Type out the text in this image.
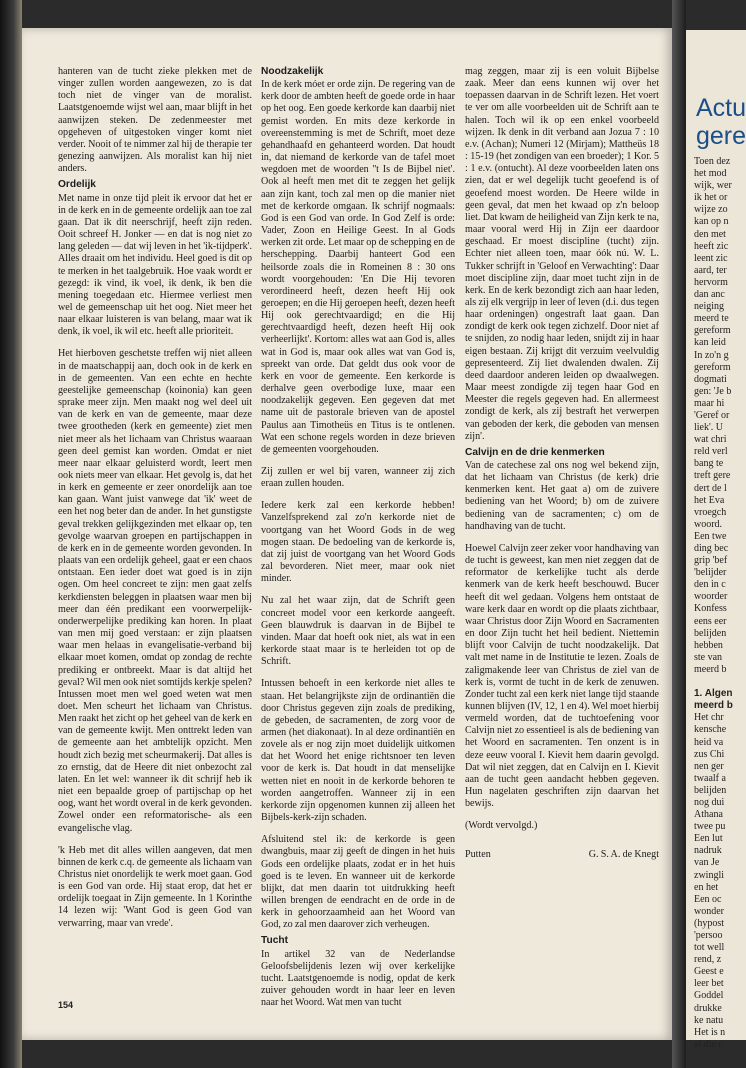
hanteren van de tucht zieke plekken met de vinger zullen worden aangewezen, zo is dat toch niet de vinger van de moralist. Laatstgenoemde wijst wel aan, maar blijft in het aanwijzen steken. De zedenmeester met opgeheven of uitgestoken vinger komt niet verder. Nooit of te nimmer zal hij de therapie ter genezing aanwijzen. Als moralist kan hij niet anders.

Ordelijk

Met name in onze tijd pleit ik ervoor dat het er in de kerk en in de gemeente ordelijk aan toe zal gaan. Dat ik dit neerschrijf, heeft zijn reden. Ooit schreef H. Jonker — en dat is nog niet zo lang geleden — dat wij leven in het 'ik-tijdperk'. Alles draait om het individu. Heel goed is dit op te merken in het taalgebruik. Hoe vaak wordt er gezegd: ik vind, ik voel, ik denk, ik ben die mening toegedaan etc. Hiermee verliest men wel de gemeenschap uit het oog. Niet meer het naar elkaar luisteren is van belang, maar wat ik denk, ik voel, ik wil etc. heeft alle prioriteit.

Het hierboven geschetste treffen wij niet alleen in de maatschappij aan, doch ook in de kerk en in de gemeenten. Van een echte en hechte geestelijke gemeenschap (koinonia) kan geen sprake meer zijn. Men maakt nog wel deel uit van de kerk en van de gemeente, maar deze twee grootheden (kerk en gemeente) ziet men niet meer als het lichaam van Christus waaraan geen deel gemist kan worden. Omdat er niet meer naar elkaar geluisterd wordt, leert men ook niets meer van elkaar. Het gevolg is, dat het in kerk en gemeente er zeer onordelijk aan toe kan gaan. Want juist vanwege dat 'ik' weet de een het nog beter dan de ander. In het gunstigste geval trekken gelijkgezinden met elkaar op, ten gevolge waarvan groepen en partijschappen in de kerk en in de gemeente worden gevonden. In plaats van een ordelijk geheel, gaat er een chaos ontstaan. Een ieder doet wat goed is in zijn ogen. Om heel concreet te zijn: men gaat zelfs kerkdiensten beleggen in plaatsen waar men bij meer dan één predikant een voorwerpelijk-onderwerpelijke prediking kan horen. In plaat van men mij goed verstaan: er zijn plaatsen waar men helaas in evangelisatie-verband bij elkaar moet komen, omdat op zondag de rechte prediking er ontbreekt. Maar is dat altijd het geval? Wil men ook niet somtijds kerkje spelen? Intussen moet men wel goed weten wat men doet. Men scheurt het lichaam van Christus. Men raakt het zicht op het geheel van de kerk en van de gemeente kwijt. Men onttrekt leden van de gemeente aan het ambtelijk opzicht. Men houdt zich bezig met scheurmakerij. Dat alles is zo ernstig, dat de Heere dit niet onbezocht zal laten. En let wel: wanneer ik dit schrijf heb ik niet een bepaalde groep of partijschap op het oog, want het wordt overal in de kerk gevonden. Zowel onder een reformatorische- als een evangelische vlag.

'k Heb met dit alles willen aangeven, dat men binnen de kerk c.q. de gemeente als lichaam van Christus niet onordelijk te werk moet gaan. God is een God van orde. Hij staat erop, dat het er ordelijk toegaat in Zijn gemeente. In 1 Korinthe 14 lezen wij: 'Want God is geen God van verwarring, maar van vrede'.

Noodzakelijk

In de kerk móet er orde zijn. De regering van de kerk door de ambten heeft de goede orde in haar op het oog. Een goede kerkorde kan daarbij niet gemist worden. En mits deze kerkorde in overeenstemming is met de Schrift, moet deze gehandhaafd en gehanteerd worden. Dat houdt in, dat niemand de kerkorde van de tafel moet wegdoen met de woorden ''t Is de Bijbel niet'. Ook al heeft men met dit te zeggen het gelijk aan zijn kant, toch zal men op die manier niet met de kerkorde omgaan. Ik schrijf nogmaals: God is een God van orde. In God Zelf is orde: Vader, Zoon en Heilige Geest. In al Gods werken zit orde. Let maar op de schepping en de herschepping. Daarbij hanteert God een heilsorde zoals die in Romeinen 8 : 30 ons wordt voorgehouden: 'En Die Hij tevoren verordineerd heeft, dezen heeft Hij ook geroepen; en die Hij geroepen heeft, dezen heeft Hij ook gerechtvaardigd; en die Hij gerechtvaardigd heeft, dezen heeft Hij ook verheerlijkt'. Kortom: alles wat aan God is, alles wat in God is, maar ook alles wat van God is, spreekt van orde. Dat geldt dus ook voor de kerk en voor de gemeente. Een kerkorde is derhalve geen overbodige luxe, maar een noodzakelijk gegeven. Een gegeven dat met name uit de pastorale brieven van de apostel Paulus aan Timotheüs en Titus is te ontlenen. Wat een schone regels worden in deze brieven de gemeenten voorgehouden.

Zij zullen er wel bij varen, wanneer zij zich eraan zullen houden.

Iedere kerk zal een kerkorde hebben! Vanzelfsprekend zal zo'n kerkorde niet de voortgang van het Woord Gods in de weg mogen staan. De bedoeling van de kerkorde is, dat zij juist de voortgang van het Woord Gods zal bevorderen. Niet meer, maar ook niet minder.

Nu zal het waar zijn, dat de Schrift geen concreet model voor een kerkorde aangeeft. Geen blauwdruk is daarvan in de Bijbel te vinden. Maar dat hoeft ook niet, als wat in een kerkorde staat maar is te herleiden tot op de Schrift.

Intussen behoeft in een kerkorde niet alles te staan. Het belangrijkste zijn de ordinantiën die door Christus gegeven zijn zoals de prediking, de gebeden, de sacramenten, de zorg voor de armen (het diakonaat). In al deze ordinantiën en zovele als er nog zijn moet duidelijk uitkomen dat het Woord het enige richtsnoer ten leven voor de kerk is. Dat houdt in dat menselijke wetten niet en nooit in de kerkorde behoren te worden aangetroffen. Wanneer zij in een kerkorde zijn opgenomen kunnen zij alleen het Bijbels-kerk-zijn schaden.

Afsluitend stel ik: de kerkorde is geen dwangbuis, maar zij geeft de dingen in het huis Gods een ordelijke plaats, zodat er in het huis goed is te leven. En wanneer uit de kerkorde blijkt, dat men daarin tot uitdrukking heeft willen brengen de eendracht en de orde in de kerk in gehoorzaamheid aan het Woord van God, zo zal men daarover zich verheugen.

Tucht

In artikel 32 van de Nederlandse Geloofsbelijdenis lezen wij over kerkelijke tucht. Laatstgenoemde is nodig, opdat de kerk zuiver gehouden wordt in haar leer en leven naar het Woord. Wat men van tucht

mag zeggen, maar zij is een voluit Bijbelse zaak. Meer dan eens kunnen wij over het toepassen daarvan in de Schrift lezen. Het voert te ver om alle voorbeelden uit de Schrift aan te halen. Toch wil ik op een enkel voorbeeld wijzen. Ik denk in dit verband aan Jozua 7 : 10 e.v. (Achan); Numeri 12 (Mirjam); Mattheüs 18 : 15-19 (het zondigen van een broeder); 1 Kor. 5 : 1 e.v. (ontucht). Al deze voorbeelden laten ons zien, dat er wel degelijk tucht geoefend is of geoefend moest worden. De Heere wilde in geen geval, dat men het kwaad op z'n beloop liet. Dat kwam de heiligheid van Zijn kerk te na, maar vooral werd Hij in Zijn eer daardoor geschaad. Er moest discipline (tucht) zijn. Echter niet alleen toen, maar óók nú. W. L. Tukker schrijft in 'Geloof en Verwachting': Daar moet discipline zijn, daar moet tucht zijn in de kerk. En de kerk bezondigt zich aan haar leden, als zij elk vergrijp in leer of leven (d.i. dus tegen haar ordeningen) ongestraft laat gaan. Dan zondigt de kerk ook tegen zichzelf. Door niet af te snijden, zo nodig haar leden, snijdt zij in haar eigen bestaan. Zij krijgt dit verzuim veelvuldig gepresenteerd. Zij liet dwalenden dwalen. Zij deed daardoor anderen leiden op dwaalwegen. Maar meest zondigde zij tegen haar God en Meester die regels gegeven had. En allermeest zondigt de kerk, als zij bestraft het verwerpen van geboden der kerk, die geboden van mensen zijn'.

Calvijn en de drie kenmerken

Van de catechese zal ons nog wel bekend zijn, dat het lichaam van Christus (de kerk) drie kenmerken kent. Het gaat a) om de zuivere bediening van het Woord; b) om de zuivere bediening van de sacramenten; c) om de handhaving van de tucht.

Hoewel Calvijn zeer zeker voor handhaving van de tucht is geweest, kan men niet zeggen dat de reformator de kerkelijke tucht als derde kenmerk van de kerk heeft beschouwd. Bucer heeft dit wel gedaan. Volgens hem ontstaat de ware kerk daar en wordt op die plaats zichtbaar, waar Christus door Zijn Woord en Sacramenten en door Zijn tucht het heil bedient. Niettemin blijft voor Calvijn de tucht noodzakelijk. Dat valt met name in de Institutie te lezen. Zoals de zaligmakende leer van Christus de ziel van de kerk is, vormt de tucht in de kerk de zenuwen. Zonder tucht zal een kerk niet lange tijd staande kunnen blijven (IV, 12, 1 en 4). Wel moet hierbij vermeld worden, dat de tuchtoefening voor Calvijn niet zo essentieel is als de bediening van het Woord en sacramenten. Ten onzent is in deze eeuw vooral I. Kievit hem daarin gevolgd. Dat wil niet zeggen, dat en Calvijn en I. Kievit aan de tucht geen aandacht hebben gegeven. Hun nagelaten geschriften zijn daarvan het bewijs.

(Wordt vervolgd.)

Putten	G. S. A. de Knegt
154
Actu
gere
Toen dez
het mod
wijk, wer
ik het or
wijze zo
kan op n
den met
heeft zic
leent zic
aard, ter
hervorm
dan anc
neiging
meerd te
gereform
kan leid
In zo'n g
gereform
dogmati
gen: 'Je b
maar hi
'Geref or
liek'. U
wat chri
reld verl
bang te
treft gere
dert de l
het Eva
vroegch
woord.
Een twe
ding bec
grip 'bef
'belijder
den in c
woorder
Konfess
eens eer
belijden
hebben
ste van
meerd b
1. Algen
meerd b
Het chr
kensche
heid va
zus Chi
nen ger
twaalf a
belijden
nog dui
Athana
twee pu
Een lut
nadruk
van Je
zwingli
en het
Een oc
wonder
(hypost
'persoo
tot well
rend, z
Geest e
leer bet
Goddel
drukke
ke natu
Het is n
al die r
